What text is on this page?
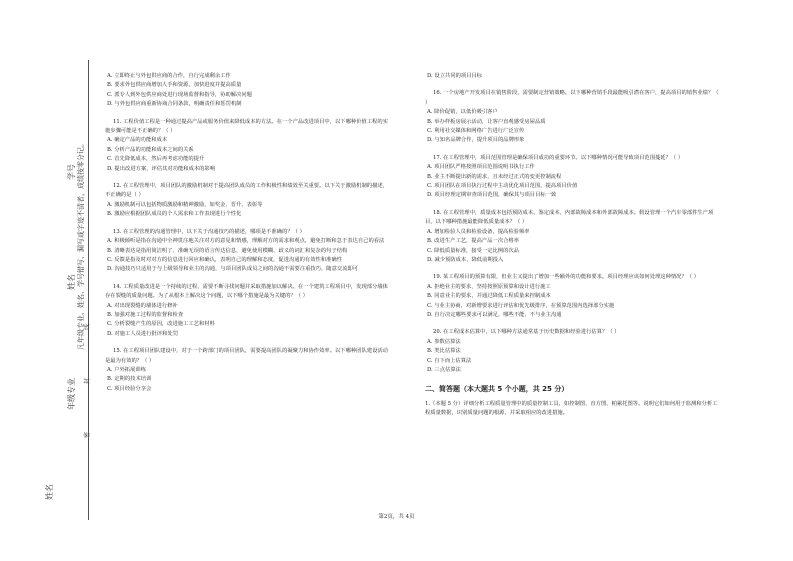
学号
姓名
年级专业
凡年级专业、姓名、学号错写、漏写或字迹不清者，成绩按零分记。
……密……………………封……………………线……
姓名

A. 立即终止与外包供应商的合作，自行完成剩余工作

B. 要求外包供应商增加人手和资源，加快进度并提高质量

C. 派专人到外包供应商处进行现场监督和指导，协助解决问题

D. 与外包供应商重新协商合同条款，明确责任和惩罚机制

11. 工程价值工程是一种通过提高产品或服务价值来降低成本的方法。在一个产品改进项目中，以下哪种价值工程的实施步骤可能是不正确的？（ ）

A. 确定产品的功能和成本

B. 分析产品的功能和成本之间的关系

C. 首先降低成本，然后再考虑功能的提升

D. 提出改进方案，评估其对功能和成本的影响

12. 在工程管理中，项目团队的激励机制对于提高团队成员的工作积极性和绩效至关重要。以下关于激励机制的描述，不正确的是（ ）

A. 激励机制可以包括物质激励和精神激励，如奖金、晋升、表彰等

B. 激励应根据团队成员的个人需求和工作表现进行个性化

13. 在工程管理的沟通管理中，以下关于沟通技巧的描述，哪项是不准确的？（ ）

A. 积极倾听是指在沟通中全神贯注地关注对方的意见和情感，理解对方的需求和观点，避免打断和急于表达自己的看法

B. 清晰表达是指用简洁明了、准确无误的语言传达信息，避免使用模糊、歧义的词汇和复杂的句子结构

C. 反馈是指及时对对方的信息进行回应和确认，表明自己的理解和态度，促进沟通的有效性和准确性

D. 沟通技巧只适用于与上级领导和业主的沟通，与项目团队成员之间的沟通不需要注重技巧，随意交流即可

14. 工程质量改进是一个持续的过程，需要不断寻找问题并采取措施加以解决。在一个建筑工程项目中，发现部分墙体存在裂缝的质量问题。为了从根本上解决这个问题，以下哪个措施是最为关键的？（ ）

A. 对出现裂缝的墙体进行修补

B. 加强对施工过程的监督和检查

C. 分析裂缝产生的原因，改进施工工艺和材料

D. 对施工人员进行批评和处罚

15. 在工程项目团队建设中，对于一个跨部门的项目团队，需要提高团队的凝聚力和协作效率。以下哪种团队建设活动是最为有效的？（ ）

A. 户外拓展训练

B. 定期的技术培训

C. 项目经验分享会

D. 设立共同的项目目标

16. 一个房地产开发项目在销售阶段，需要制定营销策略。以下哪种营销手段最能吸引潜在客户，提高项目的销售业绩？（ ）

A. 降价促销，以低价吸引客户

B. 举办样板房展示活动，让客户直观感受房屋品质

C. 利用社交媒体和网络广告进行广泛宣传

D. 与知名品牌合作，提升项目的品牌形象

17. 在工程管理中，项目范围管理是确保项目成功的重要环节。以下哪种情况可能导致项目范围蔓延？（ ）

A. 项目团队严格按照项目范围说明书执行工作

B. 业主不断提出新的需求，且未经过正式的变更控制流程

C. 项目团队在项目执行过程中主动优化项目范围，提高项目价值

D. 项目经理定期审查项目范围，确保其与项目目标一致

18. 在工程管理中，质量成本包括预防成本、鉴定成本、内部故障成本和外部故障成本。假设管理一个汽车零部件生产项目，以下哪种措施最能降低质量成本？（ ）

A. 增加检验人员和检验设备，提高检验频率

B. 改进生产工艺，提高产品一次合格率

C. 降低质量标准，接受一定比例的次品

D. 减少预防成本，降低前期投入

19. 某工程项目的预算有限，但业主又提出了增加一些额外的功能和要求。项目经理应该如何处理这种情况？（ ）

A. 拒绝业主的要求，坚持按照原预算和设计进行施工

B. 同意业主的要求，并通过降低工程质量来控制成本

C. 与业主协商，对新增要求进行评估和优先级排序，在预算范围内选择部分实施

D. 自行决定哪些要求可以满足，哪些不能，不与业主沟通

20. 在工程成本估算中，以下哪种方法通常基于历史数据和经验进行估算？（ ）

A. 参数估算法

B. 类比估算法

C. 自下而上估算法

D. 三点估算法

二、简答题（本大题共 5 个小题，共 25 分）

1.（本题 5 分）详细分析工程质量管理中的质量控制工具，如控制图、直方图、帕累托图等。说明它们如何用于监测和分析工程质量数据，识别质量问题的根源，并采取相应的改进措施。

第2页，共 4页
